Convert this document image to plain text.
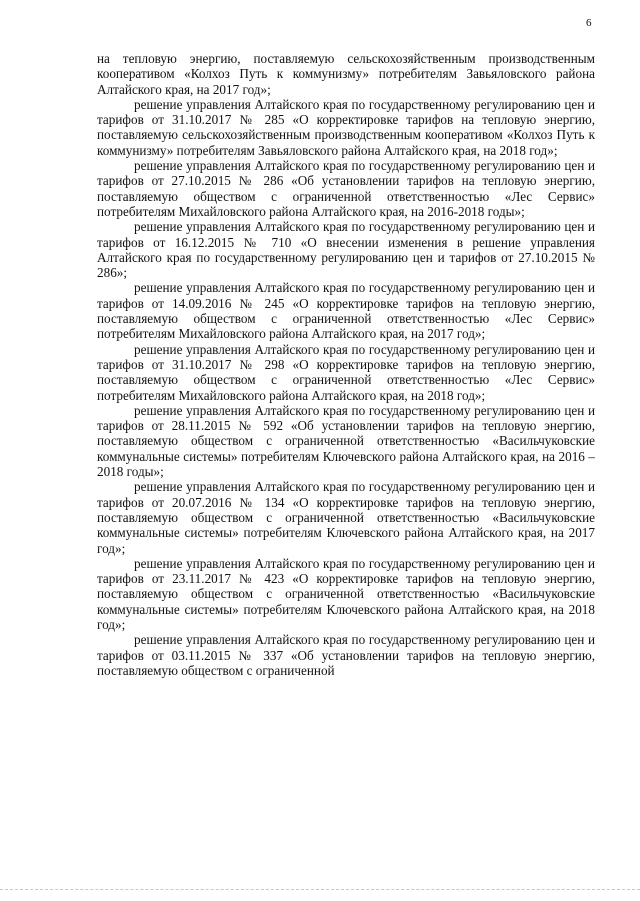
6

на тепловую энергию, поставляемую сельскохозяйственным производственным кооперативом «Колхоз Путь к коммунизму» потребителям Завьяловского района Алтайского края, на 2017 год»;

решение управления Алтайского края по государственному регулированию цен и тарифов от 31.10.2017 № 285 «О корректировке тарифов на тепловую энергию, поставляемую сельскохозяйственным производственным кооперативом «Колхоз Путь к коммунизму» потребителям Завьяловского района Алтайского края, на 2018 год»;

решение управления Алтайского края по государственному регулированию цен и тарифов от 27.10.2015 № 286 «Об установлении тарифов на тепловую энергию, поставляемую обществом с ограниченной ответственностью «Лес Сервис» потребителям Михайловского района Алтайского края, на 2016-2018 годы»;

решение управления Алтайского края по государственному регулированию цен и тарифов от 16.12.2015 № 710 «О внесении изменения в решение управления Алтайского края по государственному регулированию цен и тарифов от 27.10.2015 № 286»;

решение управления Алтайского края по государственному регулированию цен и тарифов от 14.09.2016 № 245 «О корректировке тарифов на тепловую энергию, поставляемую обществом с ограниченной ответственностью «Лес Сервис» потребителям Михайловского района Алтайского края, на 2017 год»;

решение управления Алтайского края по государственному регулированию цен и тарифов от 31.10.2017 № 298 «О корректировке тарифов на тепловую энергию, поставляемую обществом с ограниченной ответственностью «Лес Сервис» потребителям Михайловского района Алтайского края, на 2018 год»;

решение управления Алтайского края по государственному регулированию цен и тарифов от 28.11.2015 № 592 «Об установлении тарифов на тепловую энергию, поставляемую обществом с ограниченной ответственностью «Васильчуковские коммунальные системы» потребителям Ключевского района Алтайского края, на 2016 – 2018 годы»;

решение управления Алтайского края по государственному регулированию цен и тарифов от 20.07.2016 № 134 «О корректировке тарифов на тепловую энергию, поставляемую обществом с ограниченной ответственностью «Васильчуковские коммунальные системы» потребителям Ключевского района Алтайского края, на 2017 год»;

решение управления Алтайского края по государственному регулированию цен и тарифов от 23.11.2017 № 423 «О корректировке тарифов на тепловую энергию, поставляемую обществом с ограниченной ответственностью «Васильчуковские коммунальные системы» потребителям Ключевского района Алтайского края, на 2018 год»;

решение управления Алтайского края по государственному регулированию цен и тарифов от 03.11.2015 № 337 «Об установлении тарифов на тепловую энергию, поставляемую обществом с ограниченной
